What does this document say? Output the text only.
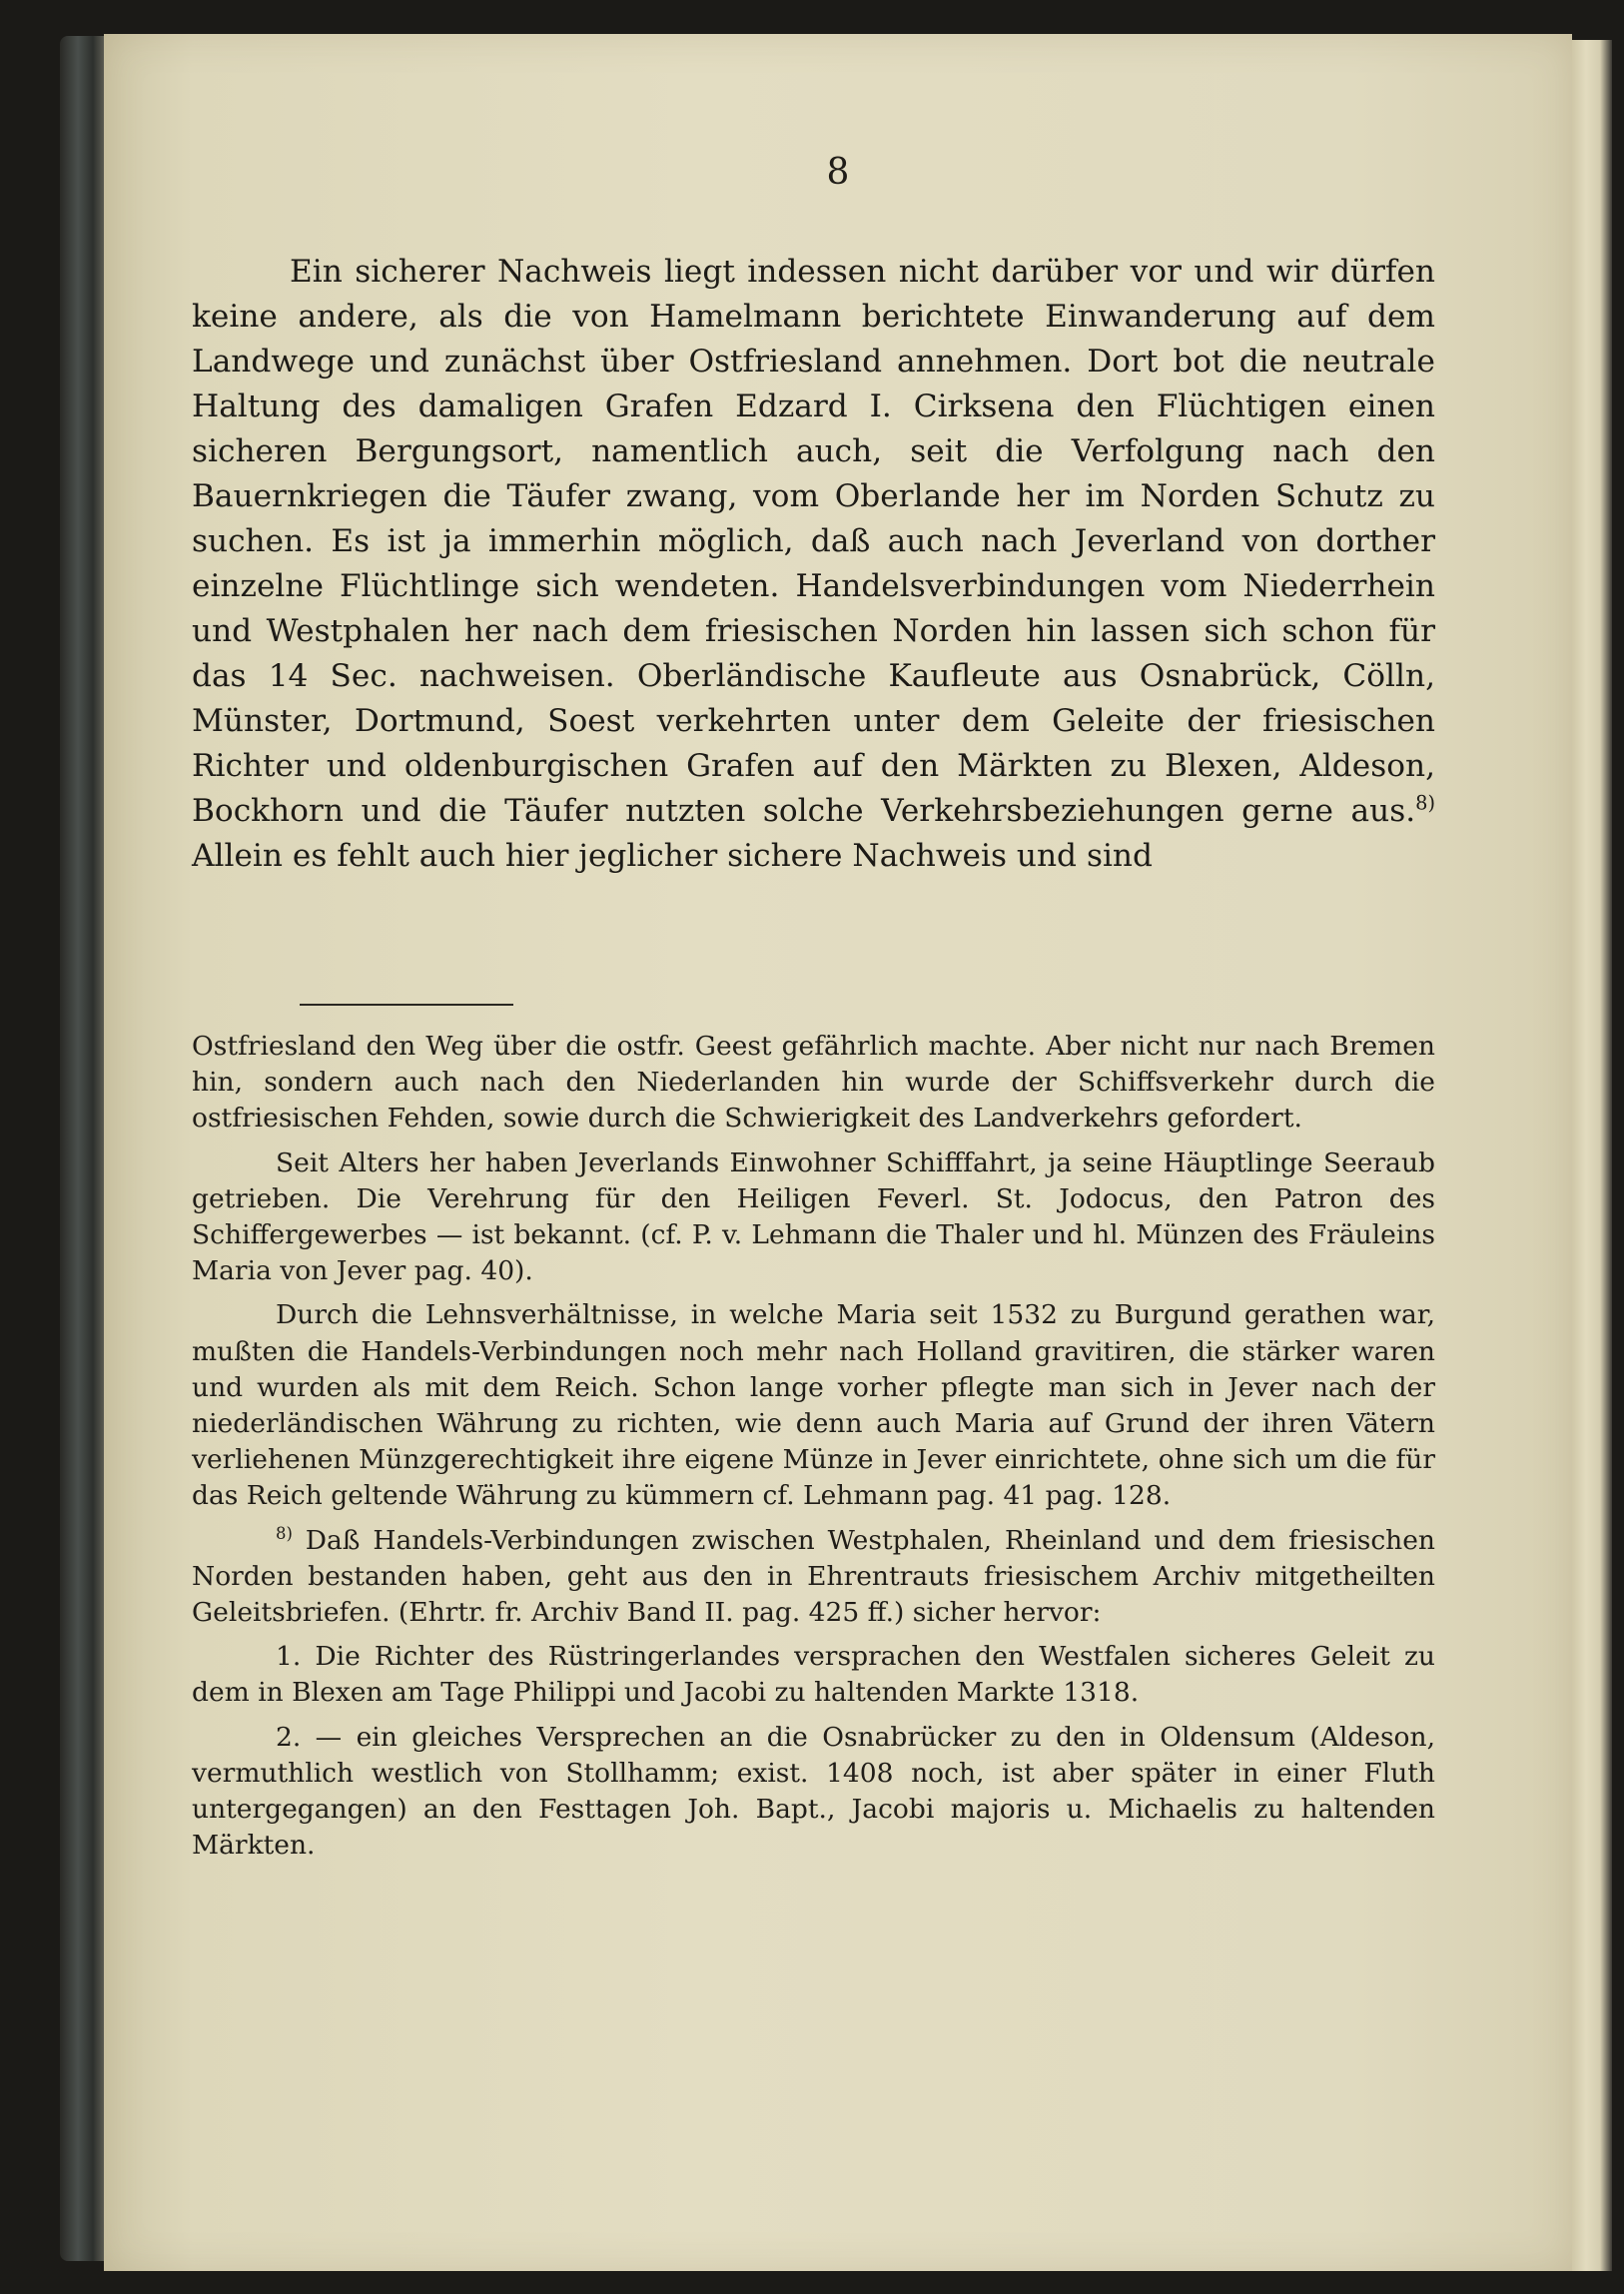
8

Ein sicherer Nachweis liegt indessen nicht darüber vor und wir dürfen keine andere, als die von Hamelmann berichtete Einwanderung auf dem Landwege und zunächst über Ostfriesland annehmen. Dort bot die neutrale Haltung des damaligen Grafen Edzard I. Cirksena den Flüchtigen einen sicheren Bergungsort, namentlich auch, seit die Verfolgung nach den Bauernkriegen die Täufer zwang, vom Oberlande her im Norden Schutz zu suchen. Es ist ja immerhin möglich, daß auch nach Jeverland von dorther einzelne Flüchtlinge sich wendeten. Handelsverbindungen vom Niederrhein und Westphalen her nach dem friesischen Norden hin lassen sich schon für das 14 Sec. nachweisen. Oberländische Kaufleute aus Osnabrück, Cölln, Münster, Dortmund, Soest verkehrten unter dem Geleite der friesischen Richter und oldenburgischen Grafen auf den Märkten zu Blexen, Aldeson, Bockhorn und die Täufer nutzten solche Verkehrsbeziehungen gerne aus.$^{8)}$ Allein es fehlt auch hier jeglicher sichere Nachweis und sind

Ostfriesland den Weg über die ostfr. Geest gefährlich machte. Aber nicht nur nach Bremen hin, sondern auch nach den Niederlanden hin wurde der Schiffsverkehr durch die ostfriesischen Fehden, sowie durch die Schwierigkeit des Landverkehrs gefordert.

Seit Alters her haben Jeverlands Einwohner Schifffahrt, ja seine Häuptlinge Seeraub getrieben. Die Verehrung für den Heiligen Feverl. St. Jodocus, den Patron des Schiffergewerbes — ist bekannt. (cf. P. v. Lehmann die Thaler und hl. Münzen des Fräuleins Maria von Jever pag. 40).

Durch die Lehnsverhältnisse, in welche Maria seit 1532 zu Burgund gerathen war, mußten die Handels-Verbindungen noch mehr nach Holland gravitiren, die stärker waren und wurden als mit dem Reich. Schon lange vorher pflegte man sich in Jever nach der niederländischen Währung zu richten, wie denn auch Maria auf Grund der ihren Vätern verliehenen Münzgerechtigkeit ihre eigene Münze in Jever einrichtete, ohne sich um die für das Reich geltende Währung zu kümmern cf. Lehmann pag. 41 pag. 128.

$^{8)}$ Daß Handels-Verbindungen zwischen Westphalen, Rheinland und dem friesischen Norden bestanden haben, geht aus den in Ehrentrauts friesischem Archiv mitgetheilten Geleitsbriefen. (Ehrtr. fr. Archiv Band II. pag. 425 ff.) sicher hervor:

1. Die Richter des Rüstringerlandes versprachen den Westfalen sicheres Geleit zu dem in Blexen am Tage Philippi und Jacobi zu haltenden Markte 1318.

2. — ein gleiches Versprechen an die Osnabrücker zu den in Oldensum (Aldeson, vermuthlich westlich von Stollhamm; exist. 1408 noch, ist aber später in einer Fluth untergegangen) an den Festtagen Joh. Bapt., Jacobi majoris u. Michaelis zu haltenden Märkten.
